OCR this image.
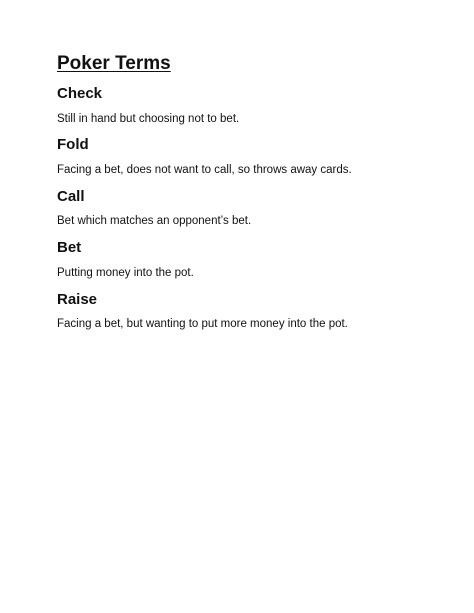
Poker Terms
Check

Still in hand but choosing not to bet.

Fold

Facing a bet, does not want to call, so throws away cards.

Call

Bet which matches an opponent’s bet.

Bet

Putting money into the pot.

Raise

Facing a bet, but wanting to put more money into the pot.
